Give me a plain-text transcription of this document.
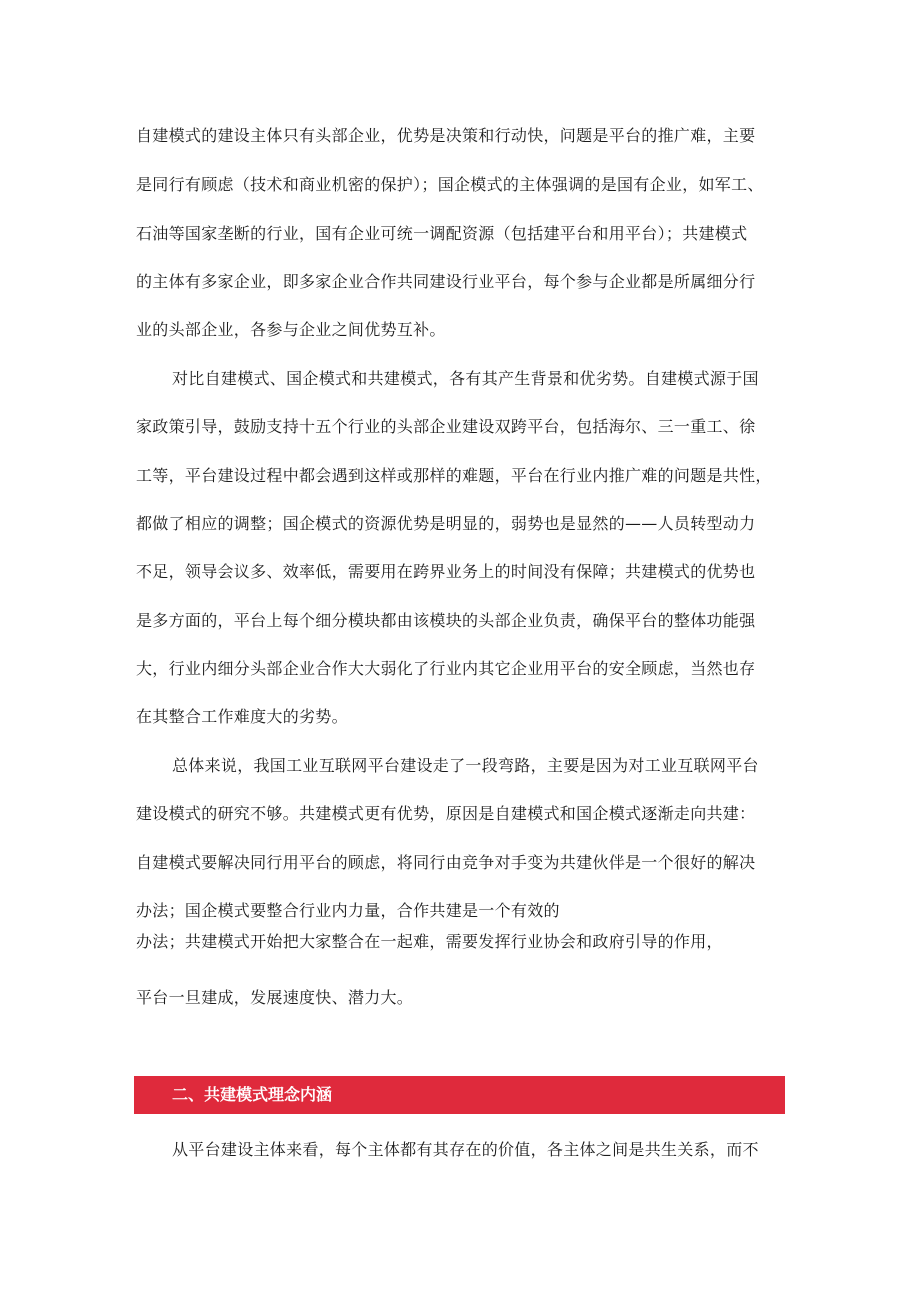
自建模式的建设主体只有头部企业，优势是决策和行动快，问题是平台的推广难，主要
是同行有顾虑（技术和商业机密的保护）；国企模式的主体强调的是国有企业，如军工、
石油等国家垄断的行业，国有企业可统一调配资源（包括建平台和用平台）；共建模式
的主体有多家企业，即多家企业合作共同建设行业平台，每个参与企业都是所属细分行
业的头部企业，各参与企业之间优势互补。
对比自建模式、国企模式和共建模式，各有其产生背景和优劣势。自建模式源于国
家政策引导，鼓励支持十五个行业的头部企业建设双跨平台，包括海尔、三一重工、徐
工等，平台建设过程中都会遇到这样或那样的难题，平台在行业内推广难的问题是共性，
都做了相应的调整；国企模式的资源优势是明显的，弱势也是显然的——人员转型动力
不足，领导会议多、效率低，需要用在跨界业务上的时间没有保障；共建模式的优势也
是多方面的，平台上每个细分模块都由该模块的头部企业负责，确保平台的整体功能强
大，行业内细分头部企业合作大大弱化了行业内其它企业用平台的安全顾虑，当然也存
在其整合工作难度大的劣势。
总体来说，我国工业互联网平台建设走了一段弯路，主要是因为对工业互联网平台
建设模式的研究不够。共建模式更有优势，原因是自建模式和国企模式逐渐走向共建：
自建模式要解决同行用平台的顾虑，将同行由竞争对手变为共建伙伴是一个很好的解决
办法；国企模式要整合行业内力量，合作共建是一个有效的
办法；共建模式开始把大家整合在一起难，需要发挥行业协会和政府引导的作用，
平台一旦建成，发展速度快、潜力大。
二、共建模式理念内涵
从平台建设主体来看，每个主体都有其存在的价值，各主体之间是共生关系，而不
